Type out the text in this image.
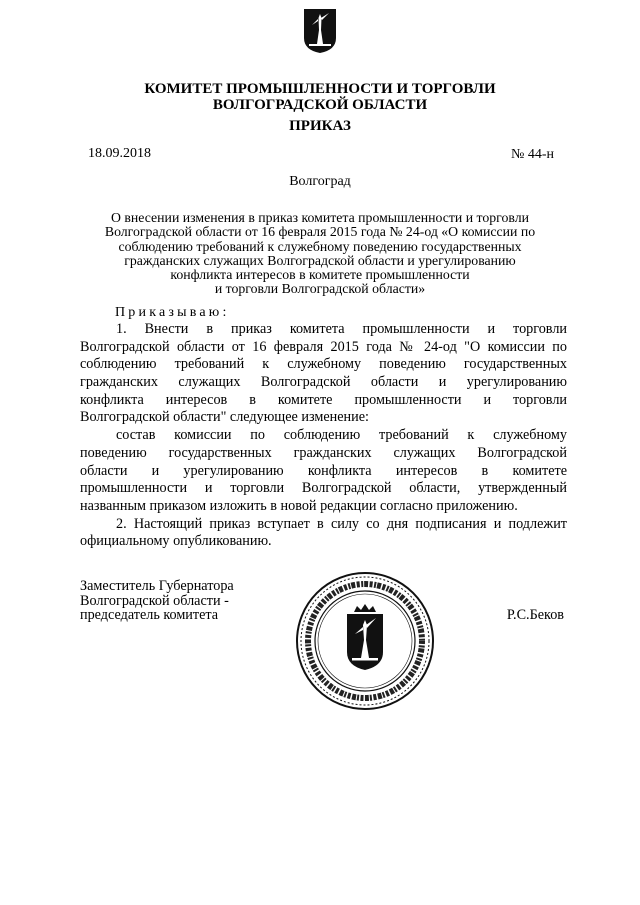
КОМИТЕТ ПРОМЫШЛЕННОСТИ И ТОРГОВЛИ
ВОЛГОГРАДСКОЙ ОБЛАСТИ
ПРИКАЗ
18.09.2018	№ 44-н
Волгоград
О внесении изменения в приказ комитета промышленности и торговли
Волгоградской области от 16 февраля 2015 года № 24-од «О комиссии по
соблюдению требований к служебному поведению государственных
гражданских служащих Волгоградской области и урегулированию
конфликта интересов в комитете промышленности
и торговли Волгоградской области»
Приказываю:
1. Внести в приказ комитета промышленности и торговли
Волгоградской области от 16 февраля 2015 года № 24-од "О комиссии по
соблюдению требований к служебному поведению государственных
гражданских служащих Волгоградской области и урегулированию
конфликта интересов в комитете промышленности и торговли
Волгоградской области" следующее изменение:
состав комиссии по соблюдению требований к служебному
поведению государственных гражданских служащих Волгоградской
области и урегулированию конфликта интересов в комитете
промышленности и торговли Волгоградской области, утвержденный
названным приказом изложить в новой редакции согласно приложению.
2. Настоящий приказ вступает в силу со дня подписания и подлежит
официальному опубликованию.
Заместитель Губернатора
Волгоградской области -
председатель комитета	Р.С.Беков
